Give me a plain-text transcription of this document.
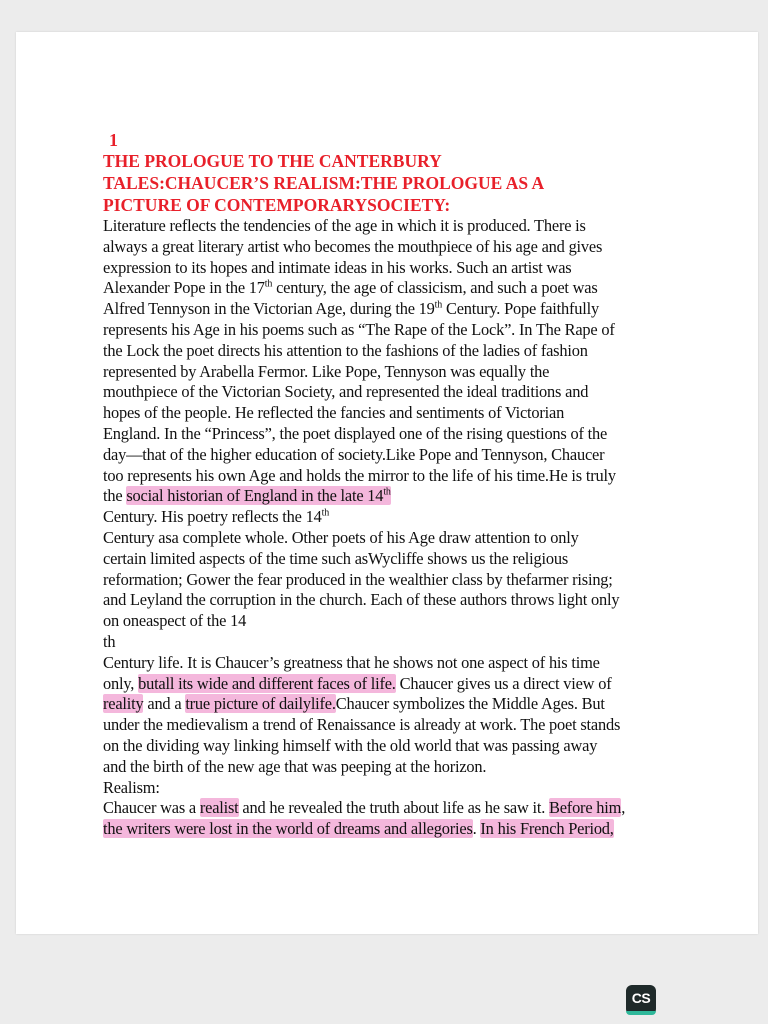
1
THE PROLOGUE TO THE CANTERBURY
TALES:CHAUCER’S REALISM:THE PROLOGUE AS A
PICTURE OF CONTEMPORARYSOCIETY:
Literature reflects the tendencies of the age in which it is produced. There is
always a great literary artist who becomes the mouthpiece of his age and gives
expression to its hopes and intimate ideas in his works. Such an artist was
Alexander Pope in the 17th century, the age of classicism, and such a poet was
Alfred Tennyson in the Victorian Age, during the 19th Century. Pope faithfully
represents his Age in his poems such as “The Rape of the Lock”. In The Rape of
the Lock the poet directs his attention to the fashions of the ladies of fashion
represented by Arabella Fermor. Like Pope, Tennyson was equally the
mouthpiece of the Victorian Society, and represented the ideal traditions and
hopes of the people. He reflected the fancies and sentiments of Victorian
England. In the “Princess”, the poet displayed one of the rising questions of the
day—that of the higher education of society.Like Pope and Tennyson, Chaucer
too represents his own Age and holds the mirror to the life of his time.He is truly
the social historian of England in the late 14th
Century. His poetry reflects the 14th
Century asa complete whole. Other poets of his Age draw attention to only
certain limited aspects of the time such asWycliffe shows us the religious
reformation; Gower the fear produced in the wealthier class by thefarmer rising;
and Leyland the corruption in the church. Each of these authors throws light only
on oneaspect of the 14
th
Century life. It is Chaucer’s greatness that he shows not one aspect of his time
only, butall its wide and different faces of life. Chaucer gives us a direct view of
reality and a true picture of dailylife.Chaucer symbolizes the Middle Ages. But
under the medievalism a trend of Renaissance is already at work. The poet stands
on the dividing way linking himself with the old world that was passing away
and the birth of the new age that was peeping at the horizon.
Realism:
Chaucer was a realist and he revealed the truth about life as he saw it. Before him,
the writers were lost in the world of dreams and allegories. In his French Period,
CS
